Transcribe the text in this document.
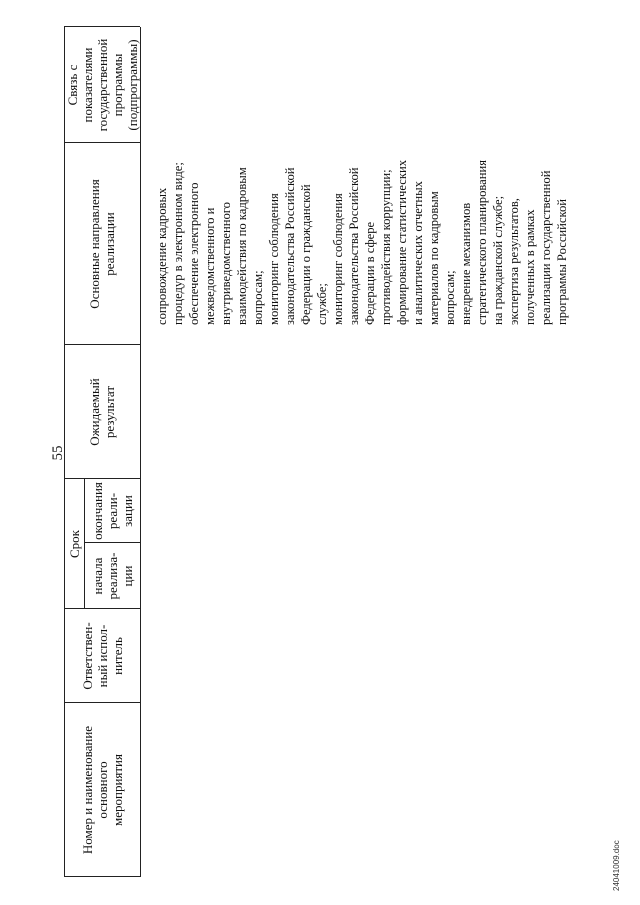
55
Номер и наименование
основного
мероприятия
Ответствен-
ный испол-
нитель
Срок
начала
реализа-
ции
окончания
реали-
зации
Ожидаемый
результат
Основные направления
реализации
Связь с
показателями
государственной
программы
(подпрограммы)
сопровождение кадровых
процедур в электронном виде;
обеспечение электронного
межведомственного и
внутриведомственного
взаимодействия по кадровым
вопросам;
мониторинг соблюдения
законодательства Российской
Федерации о гражданской
службе;
мониторинг соблюдения
законодательства Российской
Федерации в сфере
противодействия коррупции;
формирование статистических
и аналитических отчетных
материалов по кадровым
вопросам;
внедрение механизмов
стратегического планирования
на гражданской службе;
экспертиза результатов,
полученных в рамках
реализации государственной
программы Российской
24041009.doc
